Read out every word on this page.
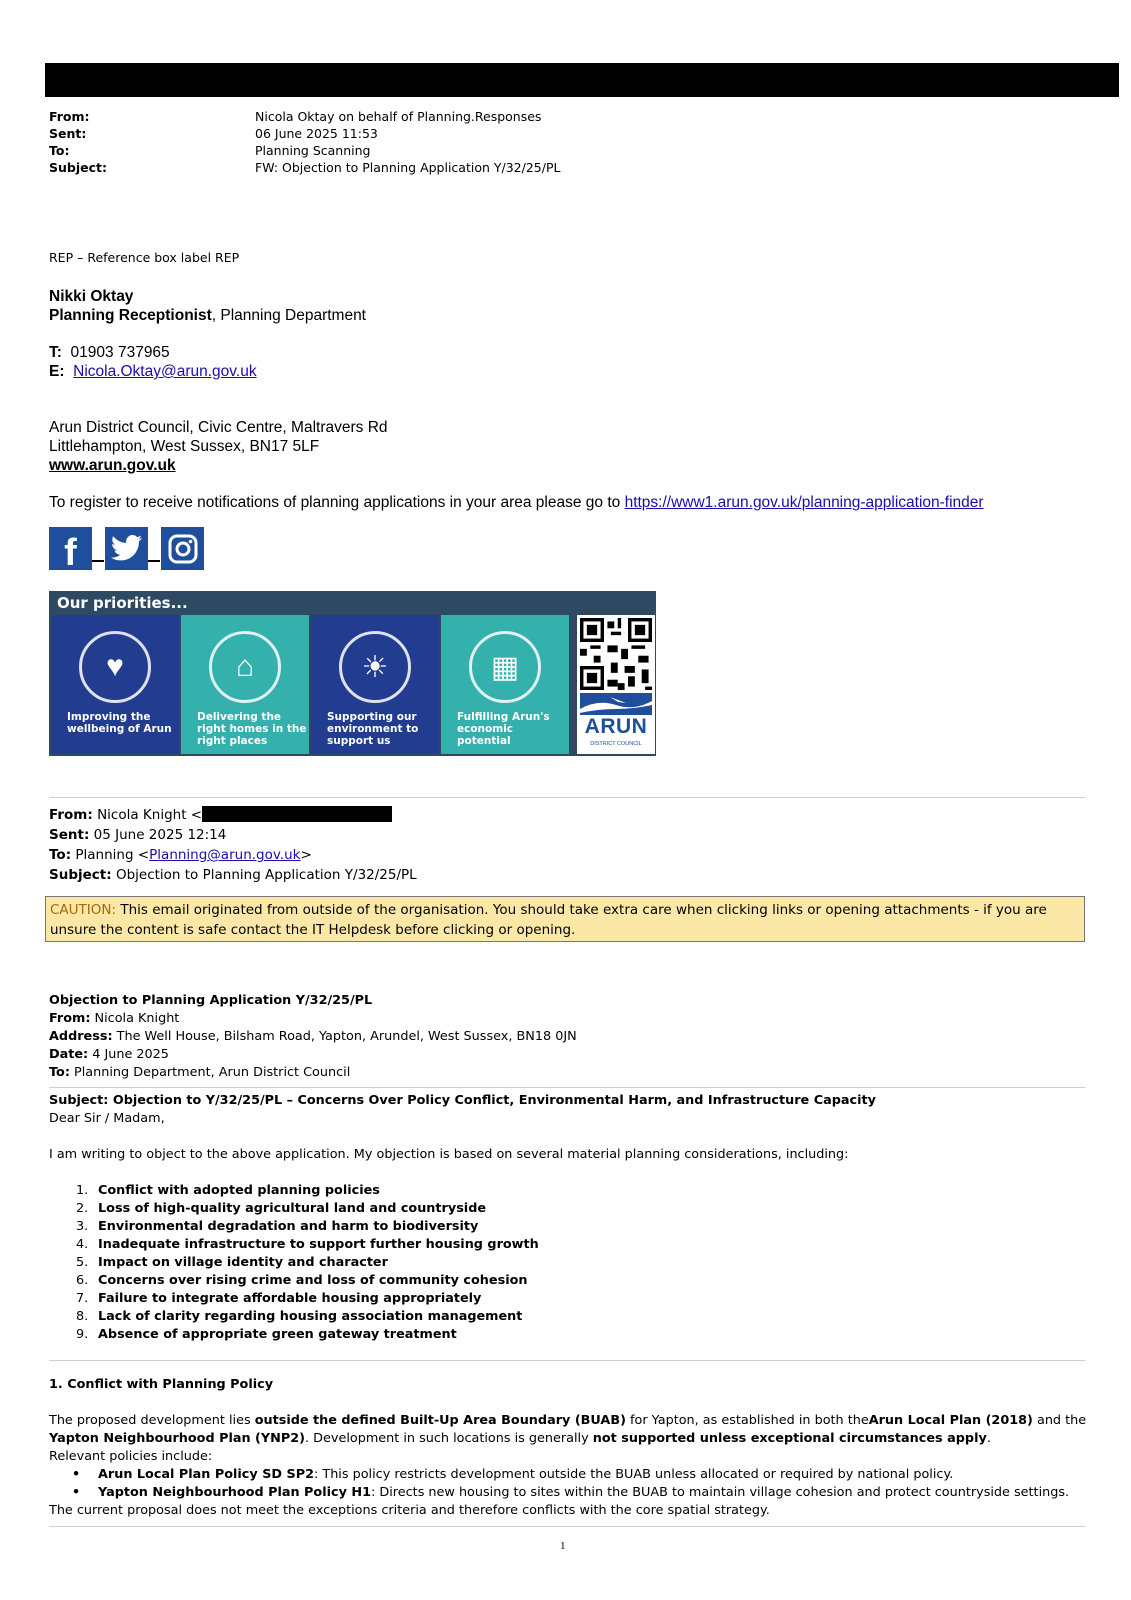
From:
Sent:
To:
Subject:
Nicola Oktay on behalf of Planning.Responses
06 June 2025 11:53
Planning Scanning
FW: Objection to Planning Application Y/32/25/PL
REP – Reference box label REP
Nikki Oktay
Planning Receptionist, Planning Department
T: 01903 737965
E: Nicola.Oktay@arun.gov.uk
Arun District Council, Civic Centre, Maltravers Rd
Littlehampton, West Sussex, BN17 5LF
www.arun.gov.uk
To register to receive notifications of planning applications in your area please go to https://www1.arun.gov.uk/planning-application-finder
f
Our priorities...
♥
Improving the wellbeing of Arun
⌂
Delivering the right homes in the right places
☀
Supporting our environment to support us
▦
Fulfilling Arun's economic potential
ARUN
DISTRICT COUNCIL
From: Nicola Knight <
Sent: 05 June 2025 12:14
To: Planning <Planning@arun.gov.uk>
Subject: Objection to Planning Application Y/32/25/PL
CAUTION: This email originated from outside of the organisation. You should take extra care when clicking links or opening attachments - if you are unsure the content is safe contact the IT Helpdesk before clicking or opening.
Objection to Planning Application Y/32/25/PL
From: Nicola Knight
Address: The Well House, Bilsham Road, Yapton, Arundel, West Sussex, BN18 0JN
Date: 4 June 2025
To: Planning Department, Arun District Council
Subject: Objection to Y/32/25/PL – Concerns Over Policy Conflict, Environmental Harm, and Infrastructure Capacity
Dear Sir / Madam,
I am writing to object to the above application. My objection is based on several material planning considerations, including:
1. Conflict with adopted planning policies
2. Loss of high-quality agricultural land and countryside
3. Environmental degradation and harm to biodiversity
4. Inadequate infrastructure to support further housing growth
5. Impact on village identity and character
6. Concerns over rising crime and loss of community cohesion
7. Failure to integrate affordable housing appropriately
8. Lack of clarity regarding housing association management
9. Absence of appropriate green gateway treatment
1. Conflict with Planning Policy
The proposed development lies outside the defined Built-Up Area Boundary (BUAB) for Yapton, as established in both theArun Local Plan (2018) and the Yapton Neighbourhood Plan (YNP2). Development in such locations is generally not supported unless exceptional circumstances apply.
Relevant policies include:
• Arun Local Plan Policy SD SP2: This policy restricts development outside the BUAB unless allocated or required by national policy.
• Yapton Neighbourhood Plan Policy H1: Directs new housing to sites within the BUAB to maintain village cohesion and protect countryside settings.
The current proposal does not meet the exceptions criteria and therefore conflicts with the core spatial strategy.
1
